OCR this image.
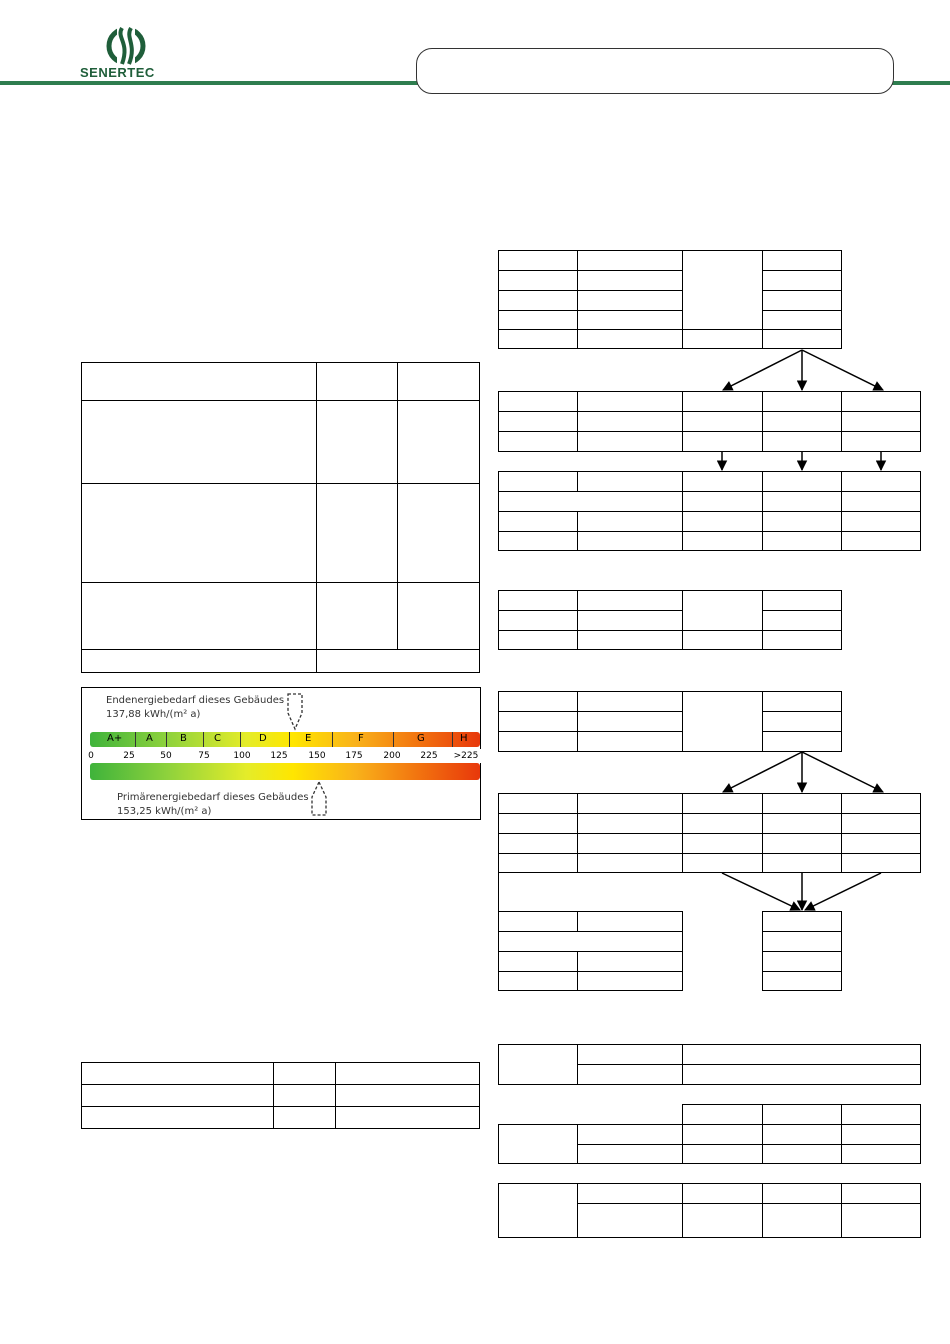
SENERTEC
Endenergiebedarf dieses Gebäudes
137,88 kWh/(m² a)
A+ A	B	C	D	E	F	G	H
0	25	50	75	100 125 150 175 200 225 >225
Primärenergiebedarf dieses Gebäudes
153,25 kWh/(m² a)
